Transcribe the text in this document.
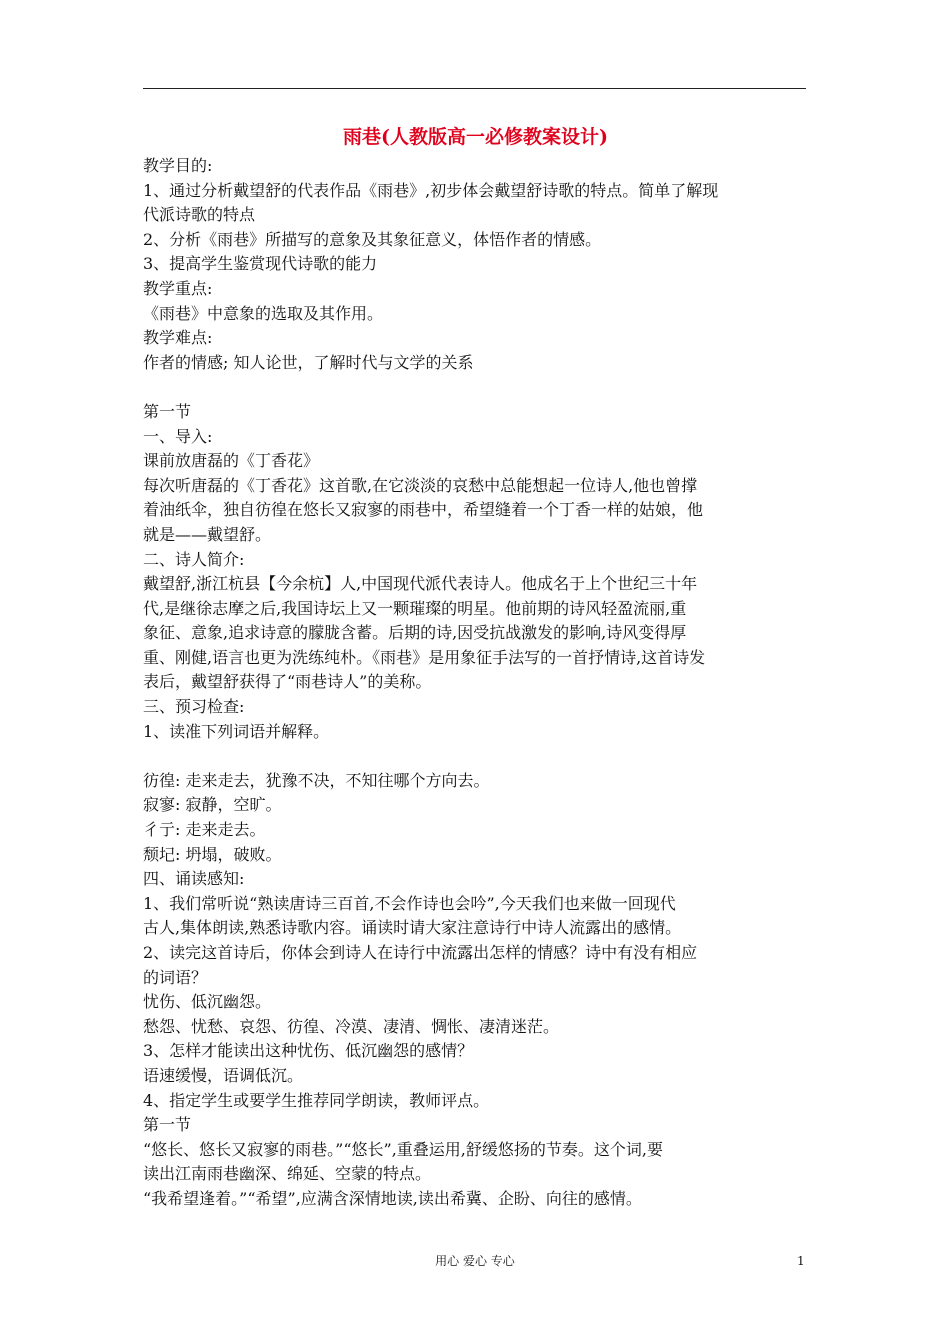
雨巷(人教版高一必修教案设计)

教学目的:

1、通过分析戴望舒的代表作品《雨巷》,初步体会戴望舒诗歌的特点。简单了解现

代派诗歌的特点

2、分析《雨巷》所描写的意象及其象征意义，体悟作者的情感。

3、提高学生鉴赏现代诗歌的能力

教学重点:

《雨巷》中意象的选取及其作用。

教学难点:

作者的情感; 知人论世，了解时代与文学的关系

第一节

一、导入:

课前放唐磊的《丁香花》

每次听唐磊的《丁香花》这首歌,在它淡淡的哀愁中总能想起一位诗人,他也曾撑

着油纸伞，独自彷徨在悠长又寂寥的雨巷中，希望缝着一个丁香一样的姑娘，他

就是——戴望舒。

二、诗人简介:

戴望舒,浙江杭县【今余杭】人,中国现代派代表诗人。他成名于上个世纪三十年

代,是继徐志摩之后,我国诗坛上又一颗璀璨的明星。他前期的诗风轻盈流丽,重

象征、意象,追求诗意的朦胧含蓄。后期的诗,因受抗战激发的影响,诗风变得厚

重、刚健,语言也更为洗练纯朴。《雨巷》是用象征手法写的一首抒情诗,这首诗发

表后，戴望舒获得了“雨巷诗人”的美称。

三、预习检查:

1、读准下列词语并解释。

彷徨: 走来走去，犹豫不决，不知往哪个方向去。

寂寥: 寂静，空旷。

彳亍: 走来走去。

颓圮: 坍塌，破败。

四、诵读感知:

1、我们常听说“熟读唐诗三百首,不会作诗也会吟”,今天我们也来做一回现代

古人,集体朗读,熟悉诗歌内容。诵读时请大家注意诗行中诗人流露出的感情。

2、读完这首诗后，你体会到诗人在诗行中流露出怎样的情感？诗中有没有相应

的词语？

忧伤、低沉幽怨。

愁怨、忧愁、哀怨、彷徨、冷漠、凄清、惆怅、凄清迷茫。

3、怎样才能读出这种忧伤、低沉幽怨的感情？

语速缓慢，语调低沉。

4、指定学生或要学生推荐同学朗读，教师评点。

第一节

“悠长、悠长又寂寥的雨巷。”“悠长”,重叠运用,舒缓悠扬的节奏。这个词,要

读出江南雨巷幽深、绵延、空蒙的特点。

“我希望逢着。”“希望”,应满含深情地读,读出希冀、企盼、向往的感情。

用心 爱心 专心	1
